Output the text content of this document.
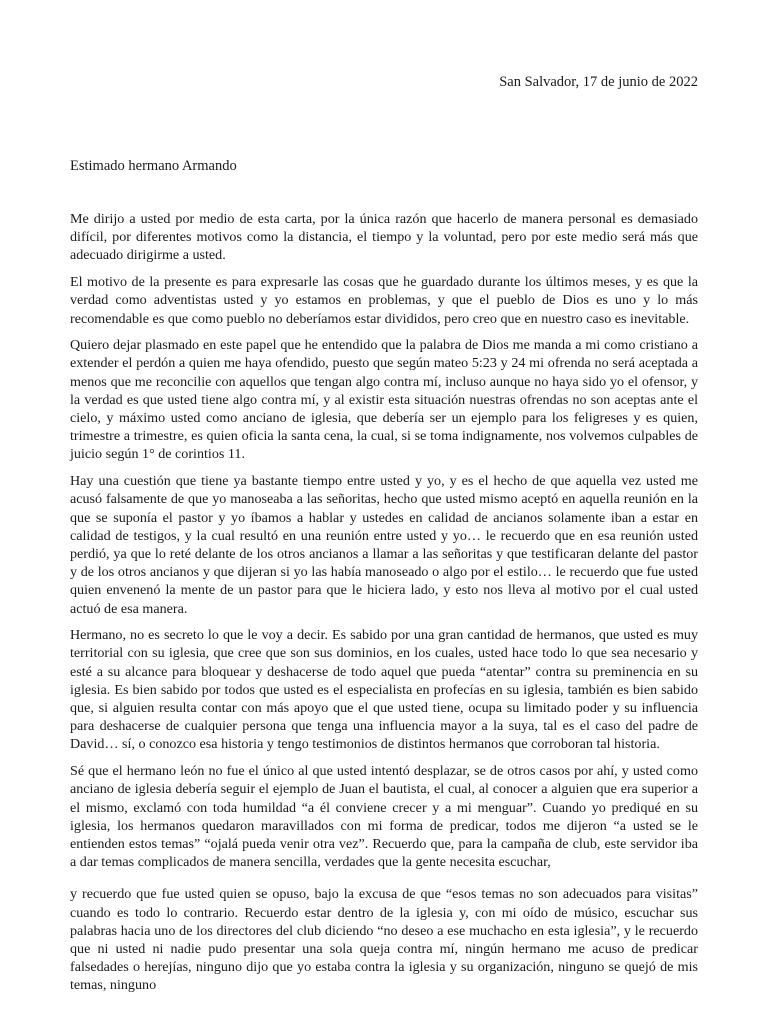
San Salvador, 17 de junio de 2022
Estimado hermano Armando

Me dirijo a usted por medio de esta carta, por la única razón que hacerlo de manera personal es demasiado difícil, por diferentes motivos como la distancia, el tiempo y la voluntad, pero por este medio será más que adecuado dirigirme a usted.

El motivo de la presente es para expresarle las cosas que he guardado durante los últimos meses, y es que la verdad como adventistas usted y yo estamos en problemas, y que el pueblo de Dios es uno y lo más recomendable es que como pueblo no deberíamos estar divididos, pero creo que en nuestro caso es inevitable.

Quiero dejar plasmado en este papel que he entendido que la palabra de Dios me manda a mi como cristiano a extender el perdón a quien me haya ofendido, puesto que según mateo 5:23 y 24 mi ofrenda no será aceptada a menos que me reconcilie con aquellos que tengan algo contra mí, incluso aunque no haya sido yo el ofensor, y la verdad es que usted tiene algo contra mí, y al existir esta situación nuestras ofrendas no son aceptas ante el cielo, y máximo usted como anciano de iglesia, que debería ser un ejemplo para los feligreses y es quien, trimestre a trimestre, es quien oficia la santa cena, la cual, si se toma indignamente, nos volvemos culpables de juicio según 1° de corintios 11.

Hay una cuestión que tiene ya bastante tiempo entre usted y yo, y es el hecho de que aquella vez usted me acusó falsamente de que yo manoseaba a las señoritas, hecho que usted mismo aceptó en aquella reunión en la que se suponía el pastor y yo íbamos a hablar y ustedes en calidad de ancianos solamente iban a estar en calidad de testigos, y la cual resultó en una reunión entre usted y yo… le recuerdo que en esa reunión usted perdió, ya que lo reté delante de los otros ancianos a llamar a las señoritas y que testificaran delante del pastor y de los otros ancianos y que dijeran si yo las había manoseado o algo por el estilo… le recuerdo que fue usted quien envenenó la mente de un pastor para que le hiciera lado, y esto nos lleva al motivo por el cual usted actuó de esa manera.

Hermano, no es secreto lo que le voy a decir. Es sabido por una gran cantidad de hermanos, que usted es muy territorial con su iglesia, que cree que son sus dominios, en los cuales, usted hace todo lo que sea necesario y esté a su alcance para bloquear y deshacerse de todo aquel que pueda “atentar” contra su preminencia en su iglesia. Es bien sabido por todos que usted es el especialista en profecías en su iglesia, también es bien sabido que, si alguien resulta contar con más apoyo que el que usted tiene, ocupa su limitado poder y su influencia para deshacerse de cualquier persona que tenga una influencia mayor a la suya, tal es el caso del padre de David… sí, o conozco esa historia y tengo testimonios de distintos hermanos que corroboran tal historia.

Sé que el hermano león no fue el único al que usted intentó desplazar, se de otros casos por ahí, y usted como anciano de iglesia debería seguir el ejemplo de Juan el bautista, el cual, al conocer a alguien que era superior a el mismo, exclamó con toda humildad “a él conviene crecer y a mi menguar”. Cuando yo prediqué en su iglesia, los hermanos quedaron maravillados con mi forma de predicar, todos me dijeron “a usted se le entienden estos temas” “ojalá pueda venir otra vez”. Recuerdo que, para la campaña de club, este servidor iba a dar temas complicados de manera sencilla, verdades que la gente necesita escuchar,

y recuerdo que fue usted quien se opuso, bajo la excusa de que “esos temas no son adecuados para visitas” cuando es todo lo contrario. Recuerdo estar dentro de la iglesia y, con mi oído de músico, escuchar sus palabras hacia uno de los directores del club diciendo “no deseo a ese muchacho en esta iglesia”, y le recuerdo que ni usted ni nadie pudo presentar una sola queja contra mí, ningún hermano me acuso de predicar falsedades o herejías, ninguno dijo que yo estaba contra la iglesia y su organización, ninguno se quejó de mis temas, ninguno
